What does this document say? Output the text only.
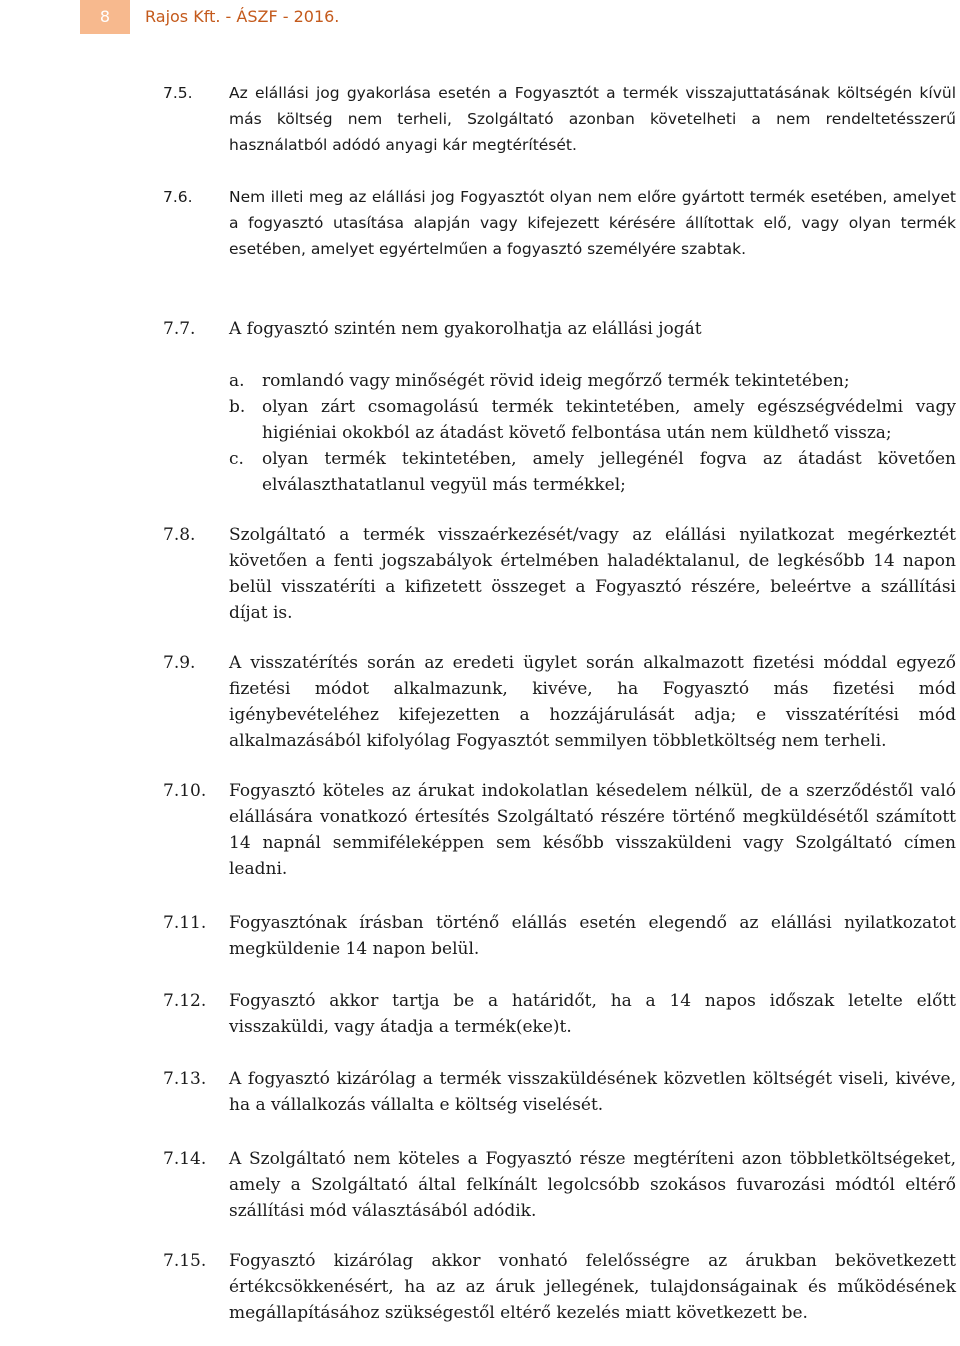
8	Rajos Kft. - ÁSZF - 2016.
7.5. Az elállási jog gyakorlása esetén a Fogyasztót a termék visszajuttatásának költségén kívül más költség nem terheli, Szolgáltató azonban követelheti a nem rendeltetésszerű használatból adódó anyagi kár megtérítését.
7.6. Nem illeti meg az elállási jog Fogyasztót olyan nem előre gyártott termék esetében, amelyet a fogyasztó utasítása alapján vagy kifejezett kérésére állítottak elő, vagy olyan termék esetében, amelyet egyértelműen a fogyasztó személyére szabtak.
7.7. A fogyasztó szintén nem gyakorolhatja az elállási jogát
a. romlandó vagy minőségét rövid ideig megőrző termék tekintetében;
b. olyan zárt csomagolású termék tekintetében, amely egészségvédelmi vagy higiéniai okokból az átadást követő felbontása után nem küldhető vissza;
c. olyan termék tekintetében, amely jellegénél fogva az átadást követően elválaszthatatlanul vegyül más termékkel;
7.8. Szolgáltató a termék visszaérkezését/vagy az elállási nyilatkozat megérkeztét követően a fenti jogszabályok értelmében haladéktalanul, de legkésőbb 14 napon belül visszatéríti a kifizetett összeget a Fogyasztó részére, beleértve a szállítási díjat is.
7.9. A visszatérítés során az eredeti ügylet során alkalmazott fizetési móddal egyező fizetési módot alkalmazunk, kivéve, ha Fogyasztó más fizetési mód igénybevételéhez kifejezetten a hozzájárulását adja; e visszatérítési mód alkalmazásából kifolyólag Fogyasztót semmilyen többletköltség nem terheli.
7.10. Fogyasztó köteles az árukat indokolatlan késedelem nélkül, de a szerződéstől való elállására vonatkozó értesítés Szolgáltató részére történő megküldésétől számított 14 napnál semmiféleképpen sem később visszaküldeni vagy Szolgáltató címen leadni.
7.11. Fogyasztónak írásban történő elállás esetén elegendő az elállási nyilatkozatot megküldenie 14 napon belül.
7.12. Fogyasztó akkor tartja be a határidőt, ha a 14 napos időszak letelte előtt visszaküldi, vagy átadja a termék(eke)t.
7.13. A fogyasztó kizárólag a termék visszaküldésének közvetlen költségét viseli, kivéve, ha a vállalkozás vállalta e költség viselését.
7.14. A Szolgáltató nem köteles a Fogyasztó része megtéríteni azon többletköltségeket, amely a Szolgáltató által felkínált legolcsóbb szokásos fuvarozási módtól eltérő szállítási mód választásából adódik.
7.15. Fogyasztó kizárólag akkor vonható felelősségre az árukban bekövetkezett értékcsökkenésért, ha az az áruk jellegének, tulajdonságainak és működésének megállapításához szükségestől eltérő kezelés miatt következett be.
